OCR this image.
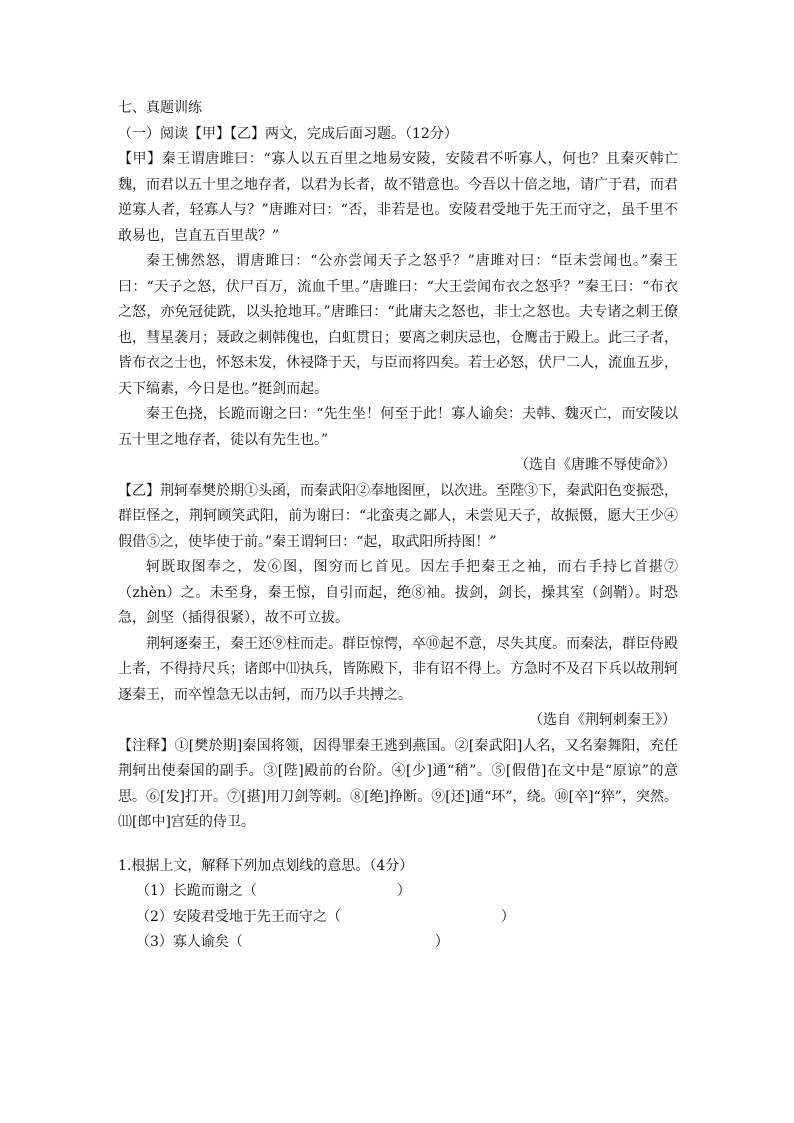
七、真题训练

（一）阅读【甲】【乙】两文，完成后面习题。（12分）

【甲】秦王谓唐雎曰：“寡人以五百里之地易安陵，安陵君不听寡人，何也？且秦灭韩亡魏，而君以五十里之地存者，以君为长者，故不错意也。今吾以十倍之地，请广于君，而君逆寡人者，轻寡人与？”唐雎对曰：“否，非若是也。安陵君受地于先王而守之，虽千里不敢易也，岂直五百里哉？”

秦王怫然怒，谓唐雎曰：“公亦尝闻天子之怒乎？”唐雎对曰：“臣未尝闻也。”秦王曰：“天子之怒，伏尸百万，流血千里。”唐雎曰：“大王尝闻布衣之怒乎？”秦王曰：“布衣之怒，亦免冠徒跣，以头抢地耳。”唐雎曰：“此庸夫之怒也，非士之怒也。夫专诸之刺王僚也，彗星袭月；聂政之刺韩傀也，白虹贯日；要离之刺庆忌也，仓鹰击于殿上。此三子者，皆布衣之士也，怀怒未发，休祲降于天，与臣而将四矣。若士必怒，伏尸二人，流血五步，天下缟素，今日是也。”挺剑而起。

秦王色挠，长跪而谢之曰：“先生坐！何至于此！寡人谕矣：夫韩、魏灭亡，而安陵以五十里之地存者，徒以有先生也。”

（选自《唐雎不辱使命》）

【乙】荆轲奉樊於期①头函，而秦武阳②奉地图匣，以次进。至陛③下，秦武阳色变振恐，群臣怪之，荆轲顾笑武阳，前为谢曰：“北蛮夷之鄙人，未尝见天子，故振慑，愿大王少④假借⑤之，使毕使于前。”秦王谓轲曰：“起，取武阳所持图！”

轲既取图奉之，发⑥图，图穷而匕首见。因左手把秦王之袖，而右手持匕首揕⑦（zhèn）之。未至身，秦王惊，自引而起，绝⑧袖。拔剑，剑长，操其室（剑鞘）。时恐急，剑坚（插得很紧），故不可立拔。

荆轲逐秦王，秦王还⑨柱而走。群臣惊愕，卒⑩起不意，尽失其度。而秦法，群臣侍殿上者，不得持尺兵；诸郎中⑾执兵，皆陈殿下，非有诏不得上。方急时不及召下兵以故荆轲逐秦王，而卒惶急无以击轲，而乃以手共搏之。

（选自《荆轲刺秦王》）

【注释】①[樊於期]秦国将领，因得罪秦王逃到燕国。②[秦武阳]人名，又名秦舞阳，充任荆轲出使秦国的副手。③[陛]殿前的台阶。④[少]通“稍”。⑤[假借]在文中是“原谅”的意思。⑥[发]打开。⑦[揕]用刀剑等刺。⑧[绝]挣断。⑨[还]通“环”，绕。⑩[卒]“猝”，突然。⑾[郎中]宫廷的侍卫。

1.根据上文，解释下列加点划线的意思。（4分）

（1）长跪而谢之（	）

（2）安陵君受地于先王而守之（	）

（3）寡人谕矣（	）
